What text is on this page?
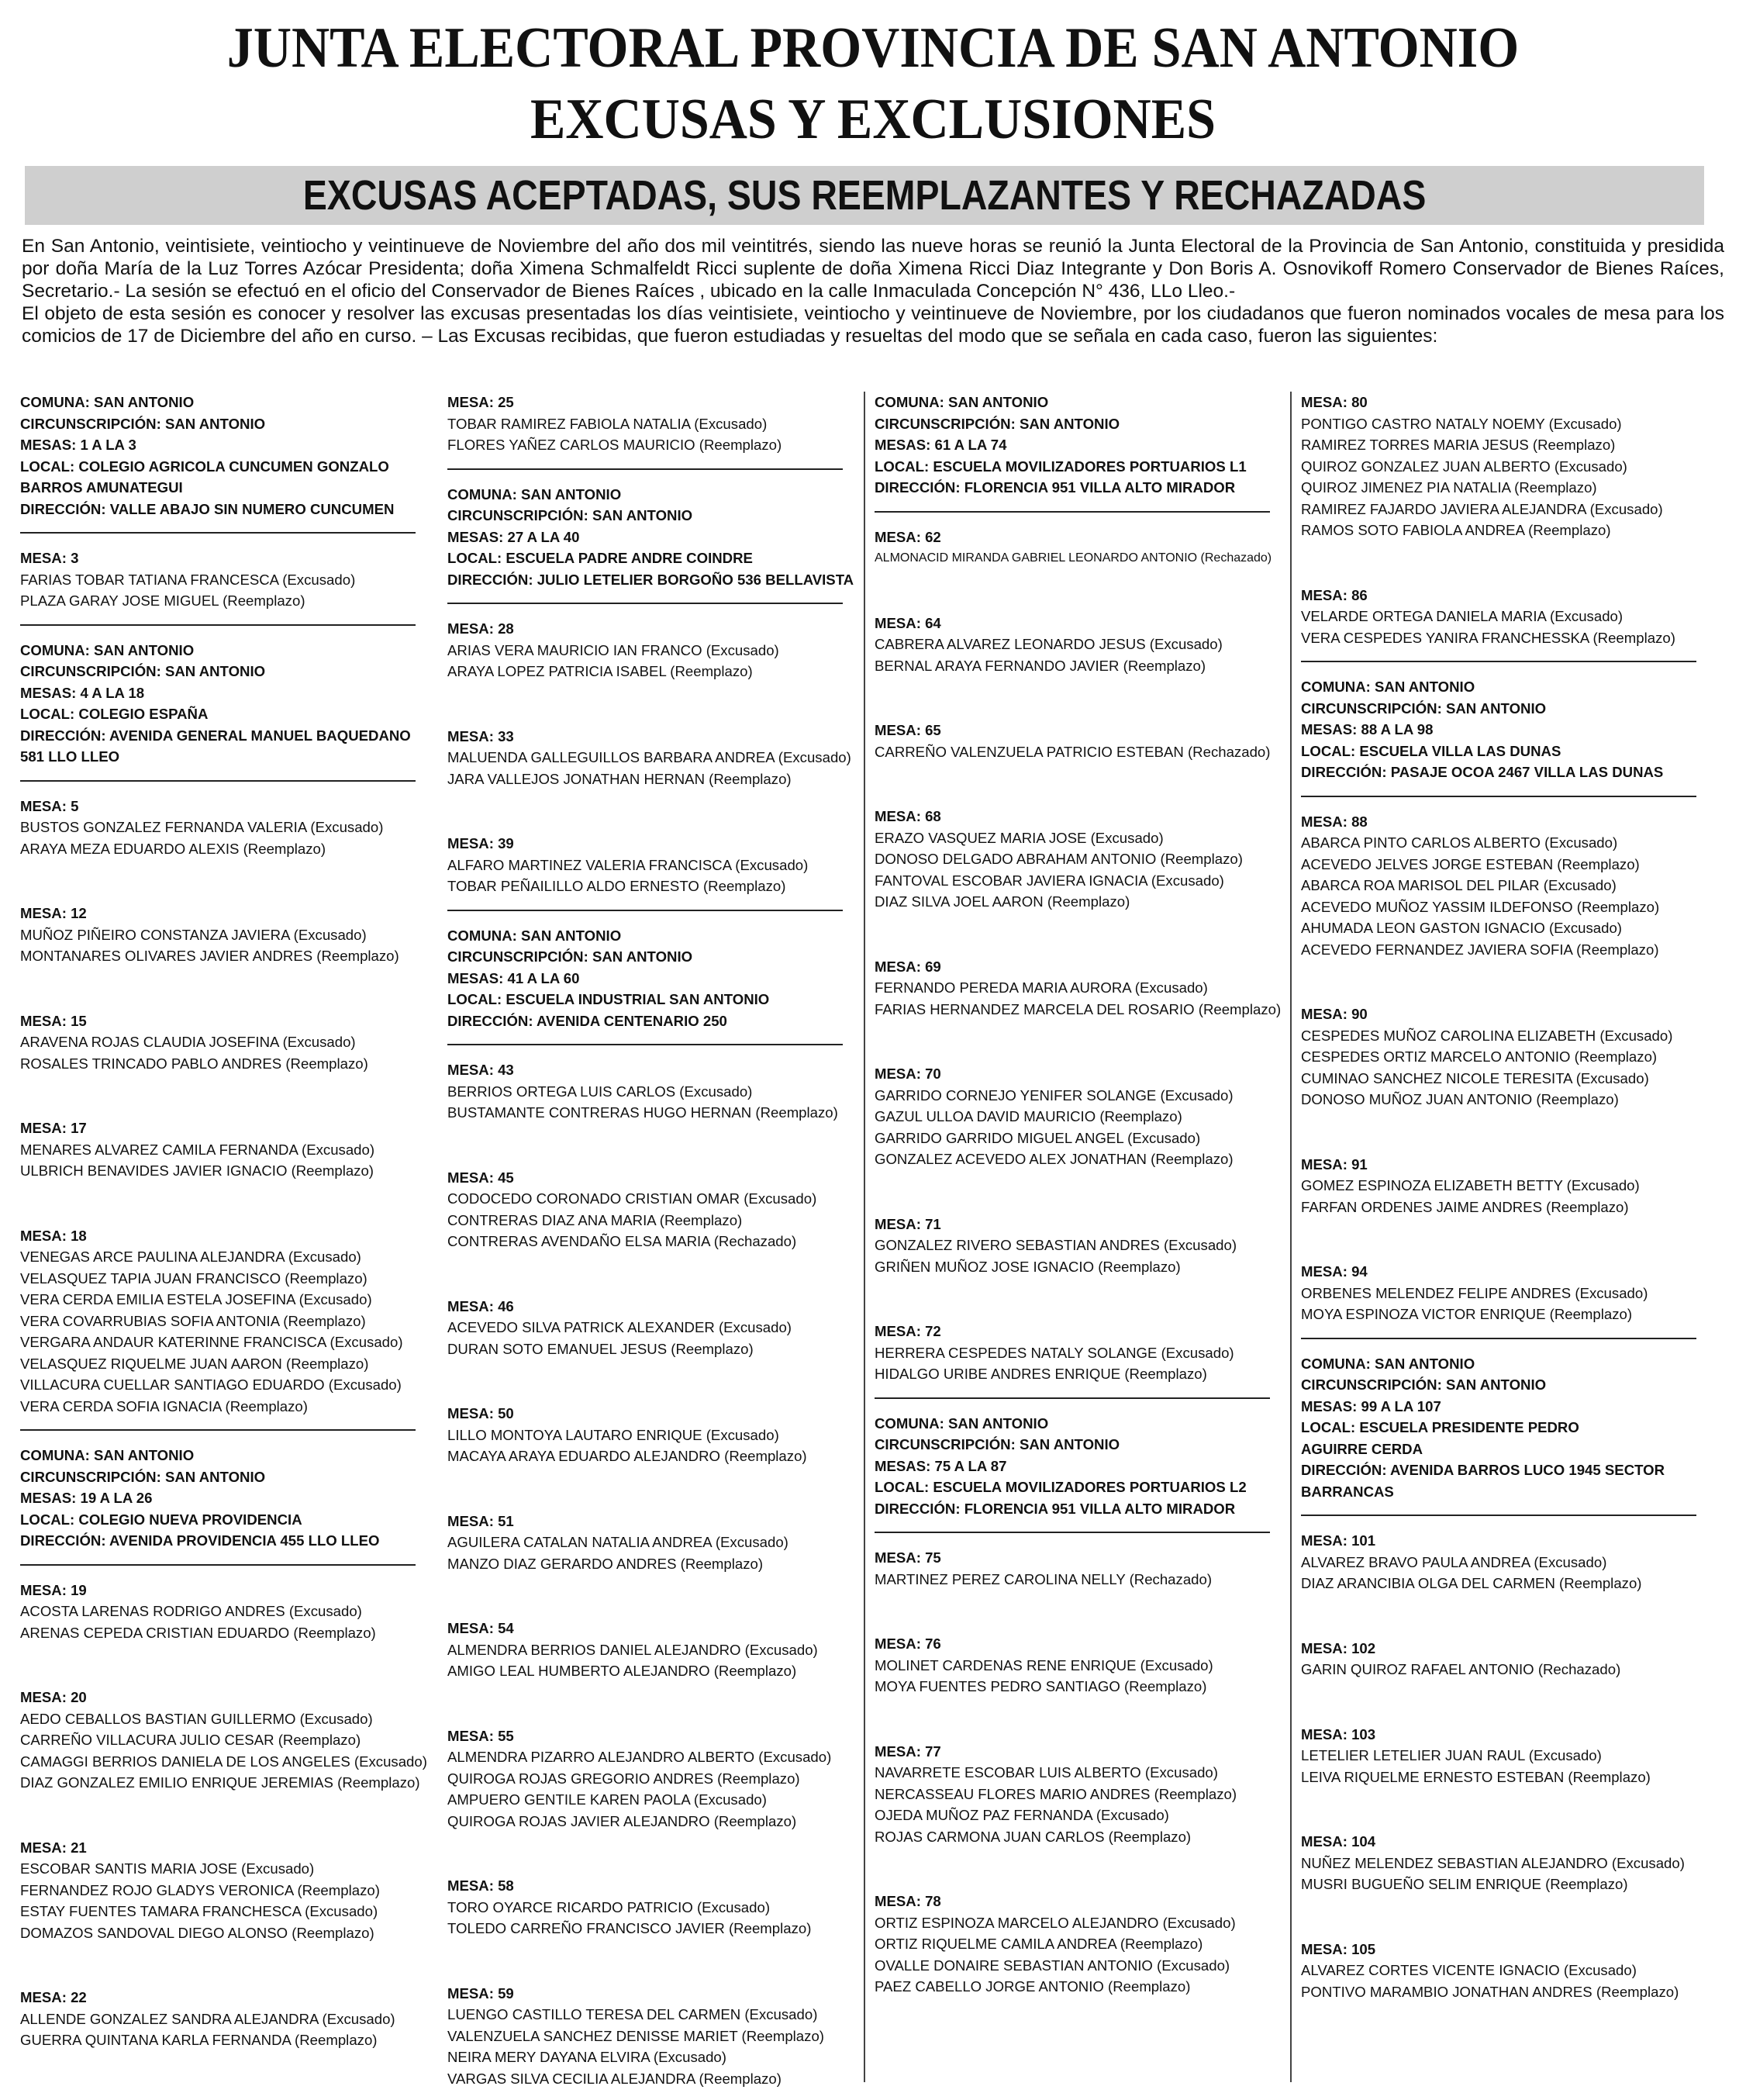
JUNTA ELECTORAL PROVINCIA DE SAN ANTONIO
EXCUSAS Y EXCLUSIONES
EXCUSAS ACEPTADAS, SUS REEMPLAZANTES Y RECHAZADAS

En San Antonio, veintisiete, veintiocho y veintinueve de Noviembre del año dos mil veintitrés, siendo las nueve horas se reunió la Junta Electoral de la Provincia de San Antonio, constituida y presidida por doña María de la Luz Torres Azócar Presidenta; doña Ximena Schmalfeldt Ricci suplente de doña Ximena Ricci Diaz Integrante y Don Boris A. Osnovikoff Romero Conservador de Bienes Raíces, Secretario.- La sesión se efectuó en el oficio del Conservador de Bienes Raíces , ubicado en la calle Inmaculada Concepción N° 436, LLo Lleo.-

El objeto de esta sesión es conocer y resolver las excusas presentadas los días veintisiete, veintiocho y veintinueve de Noviembre, por los ciudadanos que fueron nominados vocales de mesa para los comicios de 17 de Diciembre del año en curso. – Las Excusas recibidas, que fueron estudiadas y resueltas del modo que se señala en cada caso, fueron las siguientes:

COMUNA: SAN ANTONIO
CIRCUNSCRIPCIÓN: SAN ANTONIO
MESAS: 1 A LA 3
LOCAL: COLEGIO AGRICOLA CUNCUMEN GONZALO
BARROS AMUNATEGUI
DIRECCIÓN: VALLE ABAJO SIN NUMERO CUNCUMEN
MESA: 3
FARIAS TOBAR TATIANA FRANCESCA (Excusado)
PLAZA GARAY JOSE MIGUEL (Reemplazo)
COMUNA: SAN ANTONIO
CIRCUNSCRIPCIÓN: SAN ANTONIO
MESAS: 4 A LA 18
LOCAL: COLEGIO ESPAÑA
DIRECCIÓN: AVENIDA GENERAL MANUEL BAQUEDANO
581 LLO LLEO
MESA: 5
BUSTOS GONZALEZ FERNANDA VALERIA (Excusado)
ARAYA MEZA EDUARDO ALEXIS (Reemplazo)
MESA: 12
MUÑOZ PIÑEIRO CONSTANZA JAVIERA (Excusado)
MONTANARES OLIVARES JAVIER ANDRES (Reemplazo)
MESA: 15
ARAVENA ROJAS CLAUDIA JOSEFINA (Excusado)
ROSALES TRINCADO PABLO ANDRES (Reemplazo)
MESA: 17
MENARES ALVAREZ CAMILA FERNANDA (Excusado)
ULBRICH BENAVIDES JAVIER IGNACIO (Reemplazo)
MESA: 18
VENEGAS ARCE PAULINA ALEJANDRA (Excusado)
VELASQUEZ TAPIA JUAN FRANCISCO (Reemplazo)
VERA CERDA EMILIA ESTELA JOSEFINA (Excusado)
VERA COVARRUBIAS SOFIA ANTONIA (Reemplazo)
VERGARA ANDAUR KATERINNE FRANCISCA (Excusado)
VELASQUEZ RIQUELME JUAN AARON (Reemplazo)
VILLACURA CUELLAR SANTIAGO EDUARDO (Excusado)
VERA CERDA SOFIA IGNACIA (Reemplazo)
COMUNA: SAN ANTONIO
CIRCUNSCRIPCIÓN: SAN ANTONIO
MESAS: 19 A LA 26
LOCAL: COLEGIO NUEVA PROVIDENCIA
DIRECCIÓN: AVENIDA PROVIDENCIA 455 LLO LLEO
MESA: 19
ACOSTA LARENAS RODRIGO ANDRES (Excusado)
ARENAS CEPEDA CRISTIAN EDUARDO (Reemplazo)
MESA: 20
AEDO CEBALLOS BASTIAN GUILLERMO (Excusado)
CARREÑO VILLACURA JULIO CESAR (Reemplazo)
CAMAGGI BERRIOS DANIELA DE LOS ANGELES (Excusado)
DIAZ GONZALEZ EMILIO ENRIQUE JEREMIAS (Reemplazo)
MESA: 21
ESCOBAR SANTIS MARIA JOSE (Excusado)
FERNANDEZ ROJO GLADYS VERONICA (Reemplazo)
ESTAY FUENTES TAMARA FRANCHESCA (Excusado)
DOMAZOS SANDOVAL DIEGO ALONSO (Reemplazo)
MESA: 22
ALLENDE GONZALEZ SANDRA ALEJANDRA (Excusado)
GUERRA QUINTANA KARLA FERNANDA (Reemplazo)
MESA: 25
TOBAR RAMIREZ FABIOLA NATALIA (Excusado)
FLORES YAÑEZ CARLOS MAURICIO (Reemplazo)
COMUNA: SAN ANTONIO
CIRCUNSCRIPCIÓN: SAN ANTONIO
MESAS: 27 A LA 40
LOCAL: ESCUELA PADRE ANDRE COINDRE
DIRECCIÓN: JULIO LETELIER BORGOÑO 536 BELLAVISTA
MESA: 28
ARIAS VERA MAURICIO IAN FRANCO (Excusado)
ARAYA LOPEZ PATRICIA ISABEL (Reemplazo)
MESA: 33
MALUENDA GALLEGUILLOS BARBARA ANDREA (Excusado)
JARA VALLEJOS JONATHAN HERNAN (Reemplazo)
MESA: 39
ALFARO MARTINEZ VALERIA FRANCISCA (Excusado)
TOBAR PEÑAILILLO ALDO ERNESTO (Reemplazo)
COMUNA: SAN ANTONIO
CIRCUNSCRIPCIÓN: SAN ANTONIO
MESAS: 41 A LA 60
LOCAL: ESCUELA INDUSTRIAL SAN ANTONIO
DIRECCIÓN: AVENIDA CENTENARIO 250
MESA: 43
BERRIOS ORTEGA LUIS CARLOS (Excusado)
BUSTAMANTE CONTRERAS HUGO HERNAN (Reemplazo)
MESA: 45
CODOCEDO CORONADO CRISTIAN OMAR (Excusado)
CONTRERAS DIAZ ANA MARIA (Reemplazo)
CONTRERAS AVENDAÑO ELSA MARIA (Rechazado)
MESA: 46
ACEVEDO SILVA PATRICK ALEXANDER (Excusado)
DURAN SOTO EMANUEL JESUS (Reemplazo)
MESA: 50
LILLO MONTOYA LAUTARO ENRIQUE (Excusado)
MACAYA ARAYA EDUARDO ALEJANDRO (Reemplazo)
MESA: 51
AGUILERA CATALAN NATALIA ANDREA (Excusado)
MANZO DIAZ GERARDO ANDRES (Reemplazo)
MESA: 54
ALMENDRA BERRIOS DANIEL ALEJANDRO (Excusado)
AMIGO LEAL HUMBERTO ALEJANDRO (Reemplazo)
MESA: 55
ALMENDRA PIZARRO ALEJANDRO ALBERTO (Excusado)
QUIROGA ROJAS GREGORIO ANDRES (Reemplazo)
AMPUERO GENTILE KAREN PAOLA (Excusado)
QUIROGA ROJAS JAVIER ALEJANDRO (Reemplazo)
MESA: 58
TORO OYARCE RICARDO PATRICIO (Excusado)
TOLEDO CARREÑO FRANCISCO JAVIER (Reemplazo)
MESA: 59
LUENGO CASTILLO TERESA DEL CARMEN (Excusado)
VALENZUELA SANCHEZ DENISSE MARIET (Reemplazo)
NEIRA MERY DAYANA ELVIRA (Excusado)
VARGAS SILVA CECILIA ALEJANDRA (Reemplazo)
COMUNA: SAN ANTONIO
CIRCUNSCRIPCIÓN: SAN ANTONIO
MESAS: 61 A LA 74
LOCAL: ESCUELA MOVILIZADORES PORTUARIOS L1
DIRECCIÓN: FLORENCIA 951 VILLA ALTO MIRADOR
MESA: 62
ALMONACID MIRANDA GABRIEL LEONARDO ANTONIO (Rechazado)
MESA: 64
CABRERA ALVAREZ LEONARDO JESUS (Excusado)
BERNAL ARAYA FERNANDO JAVIER (Reemplazo)
MESA: 65
CARREÑO VALENZUELA PATRICIO ESTEBAN (Rechazado)
MESA: 68
ERAZO VASQUEZ MARIA JOSE (Excusado)
DONOSO DELGADO ABRAHAM ANTONIO (Reemplazo)
FANTOVAL ESCOBAR JAVIERA IGNACIA (Excusado)
DIAZ SILVA JOEL AARON (Reemplazo)
MESA: 69
FERNANDO PEREDA MARIA AURORA (Excusado)
FARIAS HERNANDEZ MARCELA DEL ROSARIO (Reemplazo)
MESA: 70
GARRIDO CORNEJO YENIFER SOLANGE (Excusado)
GAZUL ULLOA DAVID MAURICIO (Reemplazo)
GARRIDO GARRIDO MIGUEL ANGEL (Excusado)
GONZALEZ ACEVEDO ALEX JONATHAN (Reemplazo)
MESA: 71
GONZALEZ RIVERO SEBASTIAN ANDRES (Excusado)
GRIÑEN MUÑOZ JOSE IGNACIO (Reemplazo)
MESA: 72
HERRERA CESPEDES NATALY SOLANGE (Excusado)
HIDALGO URIBE ANDRES ENRIQUE (Reemplazo)
COMUNA: SAN ANTONIO
CIRCUNSCRIPCIÓN: SAN ANTONIO
MESAS: 75 A LA 87
LOCAL: ESCUELA MOVILIZADORES PORTUARIOS L2
DIRECCIÓN: FLORENCIA 951 VILLA ALTO MIRADOR
MESA: 75
MARTINEZ PEREZ CAROLINA NELLY (Rechazado)
MESA: 76
MOLINET CARDENAS RENE ENRIQUE (Excusado)
MOYA FUENTES PEDRO SANTIAGO (Reemplazo)
MESA: 77
NAVARRETE ESCOBAR LUIS ALBERTO (Excusado)
NERCASSEAU FLORES MARIO ANDRES (Reemplazo)
OJEDA MUÑOZ PAZ FERNANDA (Excusado)
ROJAS CARMONA JUAN CARLOS (Reemplazo)
MESA: 78
ORTIZ ESPINOZA MARCELO ALEJANDRO (Excusado)
ORTIZ RIQUELME CAMILA ANDREA (Reemplazo)
OVALLE DONAIRE SEBASTIAN ANTONIO (Excusado)
PAEZ CABELLO JORGE ANTONIO (Reemplazo)
MESA: 80
PONTIGO CASTRO NATALY NOEMY (Excusado)
RAMIREZ TORRES MARIA JESUS (Reemplazo)
QUIROZ GONZALEZ JUAN ALBERTO (Excusado)
QUIROZ JIMENEZ PIA NATALIA (Reemplazo)
RAMIREZ FAJARDO JAVIERA ALEJANDRA (Excusado)
RAMOS SOTO FABIOLA ANDREA (Reemplazo)
MESA: 86
VELARDE ORTEGA DANIELA MARIA (Excusado)
VERA CESPEDES YANIRA FRANCHESSKA (Reemplazo)
COMUNA: SAN ANTONIO
CIRCUNSCRIPCIÓN: SAN ANTONIO
MESAS: 88 A LA 98
LOCAL: ESCUELA VILLA LAS DUNAS
DIRECCIÓN: PASAJE OCOA 2467 VILLA LAS DUNAS
MESA: 88
ABARCA PINTO CARLOS ALBERTO (Excusado)
ACEVEDO JELVES JORGE ESTEBAN (Reemplazo)
ABARCA ROA MARISOL DEL PILAR (Excusado)
ACEVEDO MUÑOZ YASSIM ILDEFONSO (Reemplazo)
AHUMADA LEON GASTON IGNACIO (Excusado)
ACEVEDO FERNANDEZ JAVIERA SOFIA (Reemplazo)
MESA: 90
CESPEDES MUÑOZ CAROLINA ELIZABETH (Excusado)
CESPEDES ORTIZ MARCELO ANTONIO (Reemplazo)
CUMINAO SANCHEZ NICOLE TERESITA (Excusado)
DONOSO MUÑOZ JUAN ANTONIO (Reemplazo)
MESA: 91
GOMEZ ESPINOZA ELIZABETH BETTY (Excusado)
FARFAN ORDENES JAIME ANDRES (Reemplazo)
MESA: 94
ORBENES MELENDEZ FELIPE ANDRES (Excusado)
MOYA ESPINOZA VICTOR ENRIQUE (Reemplazo)
COMUNA: SAN ANTONIO
CIRCUNSCRIPCIÓN: SAN ANTONIO
MESAS: 99 A LA 107
LOCAL: ESCUELA PRESIDENTE PEDRO
AGUIRRE CERDA
DIRECCIÓN: AVENIDA BARROS LUCO 1945 SECTOR
BARRANCAS
MESA: 101
ALVAREZ BRAVO PAULA ANDREA (Excusado)
DIAZ ARANCIBIA OLGA DEL CARMEN (Reemplazo)
MESA: 102
GARIN QUIROZ RAFAEL ANTONIO (Rechazado)
MESA: 103
LETELIER LETELIER JUAN RAUL (Excusado)
LEIVA RIQUELME ERNESTO ESTEBAN (Reemplazo)
MESA: 104
NUÑEZ MELENDEZ SEBASTIAN ALEJANDRO (Excusado)
MUSRI BUGUEÑO SELIM ENRIQUE (Reemplazo)
MESA: 105
ALVAREZ CORTES VICENTE IGNACIO (Excusado)
PONTIVO MARAMBIO JONATHAN ANDRES (Reemplazo)
